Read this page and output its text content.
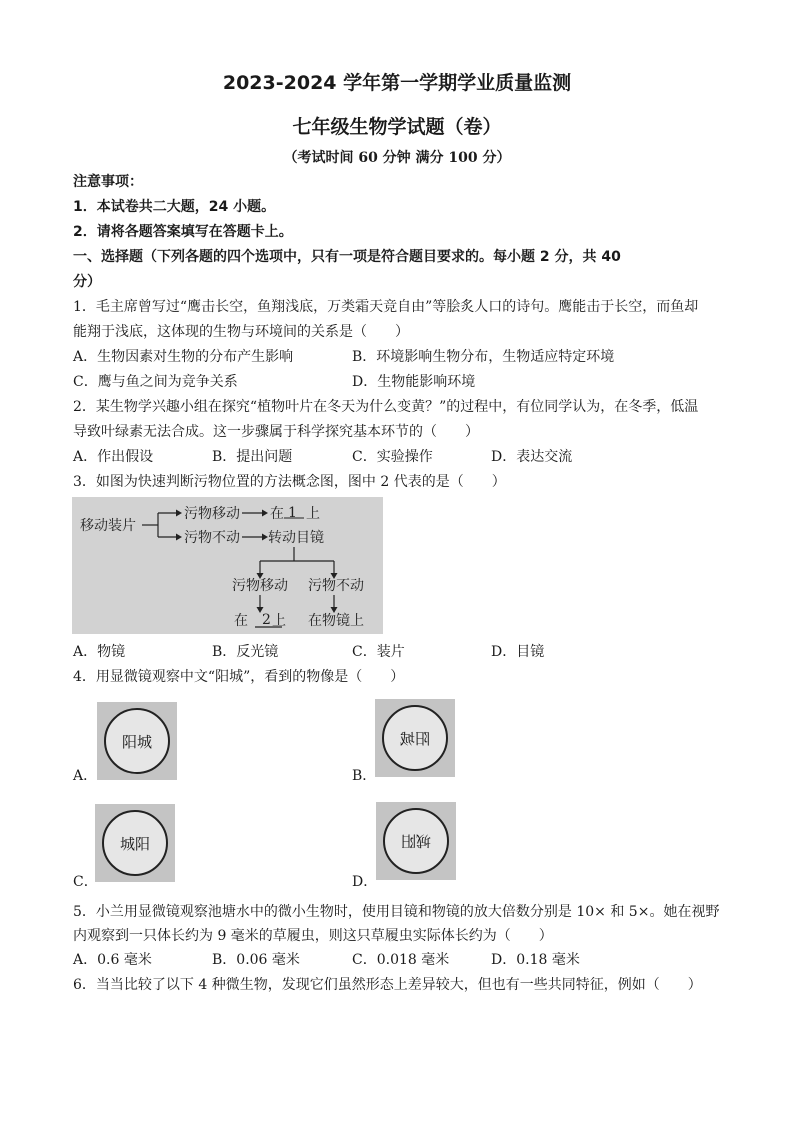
2023-2024 学年第一学期学业质量监测
七年级生物学试题（卷）
（考试时间 60 分钟 满分 100 分）
注意事项：
1．本试卷共二大题，24 小题。
2．请将各题答案填写在答题卡上。
一、选择题（下列各题的四个选项中，只有一项是符合题目要求的。每小题 2 分，共 40
分）
1．毛主席曾写过“鹰击长空，鱼翔浅底，万类霜天竞自由”等脍炙人口的诗句。鹰能击于长空，而鱼却
能翔于浅底，这体现的生物与环境间的关系是（　　）
A．生物因素对生物的分布产生影响	B．环境影响生物分布，生物适应特定环境
C．鹰与鱼之间为竞争关系	D．生物能影响环境
2．某生物学兴趣小组在探究“植物叶片在冬天为什么变黄？”的过程中，有位同学认为，在冬季，低温
导致叶绿素无法合成。这一步骤属于科学探究基本环节的（　　）
A．作出假设	B．提出问题	C．实验操作	D．表达交流
3．如图为快速判断污物位置的方法概念图，图中 2 代表的是（　　）
移动装片
污物移动 在 1 上
污物不动 转动目镜
污物移动 污物不动
在 2 上 在物镜上
A．物镜	B．反光镜	C．装片	D．目镜
4．用显微镜观察中文“阳城”，看到的物像是（　　）
阳城
A．
阳城
B．
城阳
C．
城阳
D．
5．小兰用显微镜观察池塘水中的微小生物时，使用目镜和物镜的放大倍数分别是 10× 和 5×。她在视野
内观察到一只体长约为 9 毫米的草履虫，则这只草履虫实际体长约为（　　）
A．0.6 毫米	B．0.06 毫米	C．0.018 毫米	D．0.18 毫米
6．当当比较了以下 4 种微生物，发现它们虽然形态上差异较大，但也有一些共同特征，例如（　　）
